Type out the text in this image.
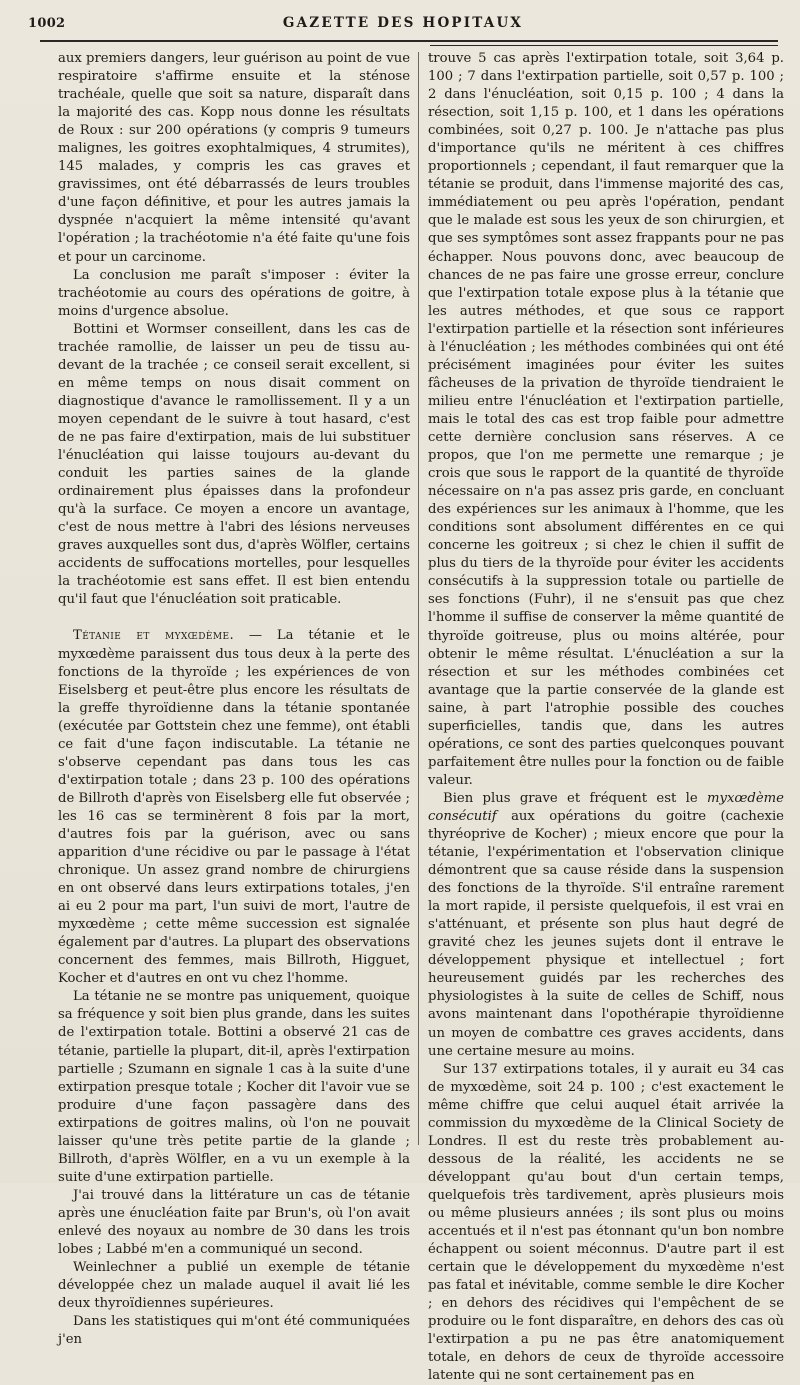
1002	GAZETTE DES HOPITAUX

aux premiers dangers, leur guérison au point de vue respiratoire s'affirme ensuite et la sténose trachéale, quelle que soit sa nature, disparaît dans la majorité des cas. Kopp nous donne les résultats de Roux : sur 200 opérations (y compris 9 tumeurs malignes, les goitres exophtalmiques, 4 strumites), 145 malades, y compris les cas graves et gravissimes, ont été débarrassés de leurs troubles d'une façon définitive, et pour les autres jamais la dyspnée n'acquiert la même intensité qu'avant l'opération ; la trachéotomie n'a été faite qu'une fois et pour un carcinome.

La conclusion me paraît s'imposer : éviter la trachéotomie au cours des opérations de goitre, à moins d'urgence absolue.

Bottini et Wormser conseillent, dans les cas de trachée ramollie, de laisser un peu de tissu au-devant de la trachée ; ce conseil serait excellent, si en même temps on nous disait comment on diagnostique d'avance le ramollissement. Il y a un moyen cependant de le suivre à tout hasard, c'est de ne pas faire d'extirpation, mais de lui substituer l'énucléation qui laisse toujours au-devant du conduit les parties saines de la glande ordinairement plus épaisses dans la profondeur qu'à la surface. Ce moyen a encore un avantage, c'est de nous mettre à l'abri des lésions nerveuses graves auxquelles sont dus, d'après Wölfler, certains accidents de suffocations mortelles, pour lesquelles la trachéotomie est sans effet. Il est bien entendu qu'il faut que l'énucléation soit praticable.

Tétanie et myxœdème. — La tétanie et le myxœdème paraissent dus tous deux à la perte des fonctions de la thyroïde ; les expériences de von Eiselsberg et peut-être plus encore les résultats de la greffe thyroïdienne dans la tétanie spontanée (exécutée par Gottstein chez une femme), ont établi ce fait d'une façon indiscutable. La tétanie ne s'observe cependant pas dans tous les cas d'extirpation totale ; dans 23 p. 100 des opérations de Billroth d'après von Eiselsberg elle fut observée ; les 16 cas se terminèrent 8 fois par la mort, d'autres fois par la guérison, avec ou sans apparition d'une récidive ou par le passage à l'état chronique. Un assez grand nombre de chirurgiens en ont observé dans leurs extirpations totales, j'en ai eu 2 pour ma part, l'un suivi de mort, l'autre de myxœdème ; cette même succession est signalée également par d'autres. La plupart des observations concernent des femmes, mais Billroth, Higguet, Kocher et d'autres en ont vu chez l'homme.

La tétanie ne se montre pas uniquement, quoique sa fréquence y soit bien plus grande, dans les suites de l'extirpation totale. Bottini a observé 21 cas de tétanie, partielle la plupart, dit-il, après l'extirpation partielle ; Szumann en signale 1 cas à la suite d'une extirpation presque totale ; Kocher dit l'avoir vue se produire d'une façon passagère dans des extirpations de goitres malins, où l'on ne pouvait laisser qu'une très petite partie de la glande ; Billroth, d'après Wölfler, en a vu un exemple à la suite d'une extirpation partielle.

J'ai trouvé dans la littérature un cas de tétanie après une énucléation faite par Brun's, où l'on avait enlevé des noyaux au nombre de 30 dans les trois lobes ; Labbé m'en a communiqué un second.

Weinlechner a publié un exemple de tétanie développée chez un malade auquel il avait lié les deux thyroïdiennes supérieures.

Dans les statistiques qui m'ont été communiquées j'en

trouve 5 cas après l'extirpation totale, soit 3,64 p. 100 ; 7 dans l'extirpation partielle, soit 0,57 p. 100 ; 2 dans l'énucléation, soit 0,15 p. 100 ; 4 dans la résection, soit 1,15 p. 100, et 1 dans les opérations combinées, soit 0,27 p. 100. Je n'attache pas plus d'importance qu'ils ne méritent à ces chiffres proportionnels ; cependant, il faut remarquer que la tétanie se produit, dans l'immense majorité des cas, immédiatement ou peu après l'opération, pendant que le malade est sous les yeux de son chirurgien, et que ses symptômes sont assez frappants pour ne pas échapper. Nous pouvons donc, avec beaucoup de chances de ne pas faire une grosse erreur, conclure que l'extirpation totale expose plus à la tétanie que les autres méthodes, et que sous ce rapport l'extirpation partielle et la résection sont inférieures à l'énucléation ; les méthodes combinées qui ont été précisément imaginées pour éviter les suites fâcheuses de la privation de thyroïde tiendraient le milieu entre l'énucléation et l'extirpation partielle, mais le total des cas est trop faible pour admettre cette dernière conclusion sans réserves. A ce propos, que l'on me permette une remarque ; je crois que sous le rapport de la quantité de thyroïde nécessaire on n'a pas assez pris garde, en concluant des expériences sur les animaux à l'homme, que les conditions sont absolument différentes en ce qui concerne les goitreux ; si chez le chien il suffit de plus du tiers de la thyroïde pour éviter les accidents consécutifs à la suppression totale ou partielle de ses fonctions (Fuhr), il ne s'ensuit pas que chez l'homme il suffise de conserver la même quantité de thyroïde goitreuse, plus ou moins altérée, pour obtenir le même résultat. L'énucléation a sur la résection et sur les méthodes combinées cet avantage que la partie conservée de la glande est saine, à part l'atrophie possible des couches superficielles, tandis que, dans les autres opérations, ce sont des parties quelconques pouvant parfaitement être nulles pour la fonction ou de faible valeur.

Bien plus grave et fréquent est le myxœdème consécutif aux opérations du goitre (cachexie thyréoprive de Kocher) ; mieux encore que pour la tétanie, l'expérimentation et l'observation clinique démontrent que sa cause réside dans la suspension des fonctions de la thyroïde. S'il entraîne rarement la mort rapide, il persiste quelquefois, il est vrai en s'atténuant, et présente son plus haut degré de gravité chez les jeunes sujets dont il entrave le développement physique et intellectuel ; fort heureusement guidés par les recherches des physiologistes à la suite de celles de Schiff, nous avons maintenant dans l'opothérapie thyroïdienne un moyen de combattre ces graves accidents, dans une certaine mesure au moins.

Sur 137 extirpations totales, il y aurait eu 34 cas de myxœdème, soit 24 p. 100 ; c'est exactement le même chiffre que celui auquel était arrivée la commission du myxœdème de la Clinical Society de Londres. Il est du reste très probablement au-dessous de la réalité, les accidents ne se développant qu'au bout d'un certain temps, quelquefois très tardivement, après plusieurs mois ou même plusieurs années ; ils sont plus ou moins accentués et il n'est pas étonnant qu'un bon nombre échappent ou soient méconnus. D'autre part il est certain que le développement du myxœdème n'est pas fatal et inévitable, comme semble le dire Kocher ; en dehors des récidives qui l'empêchent de se produire ou le font disparaître, en dehors des cas où l'extirpation a pu ne pas être anatomiquement totale, en dehors de ceux de thyroïde accessoire latente qui ne sont certainement pas en
